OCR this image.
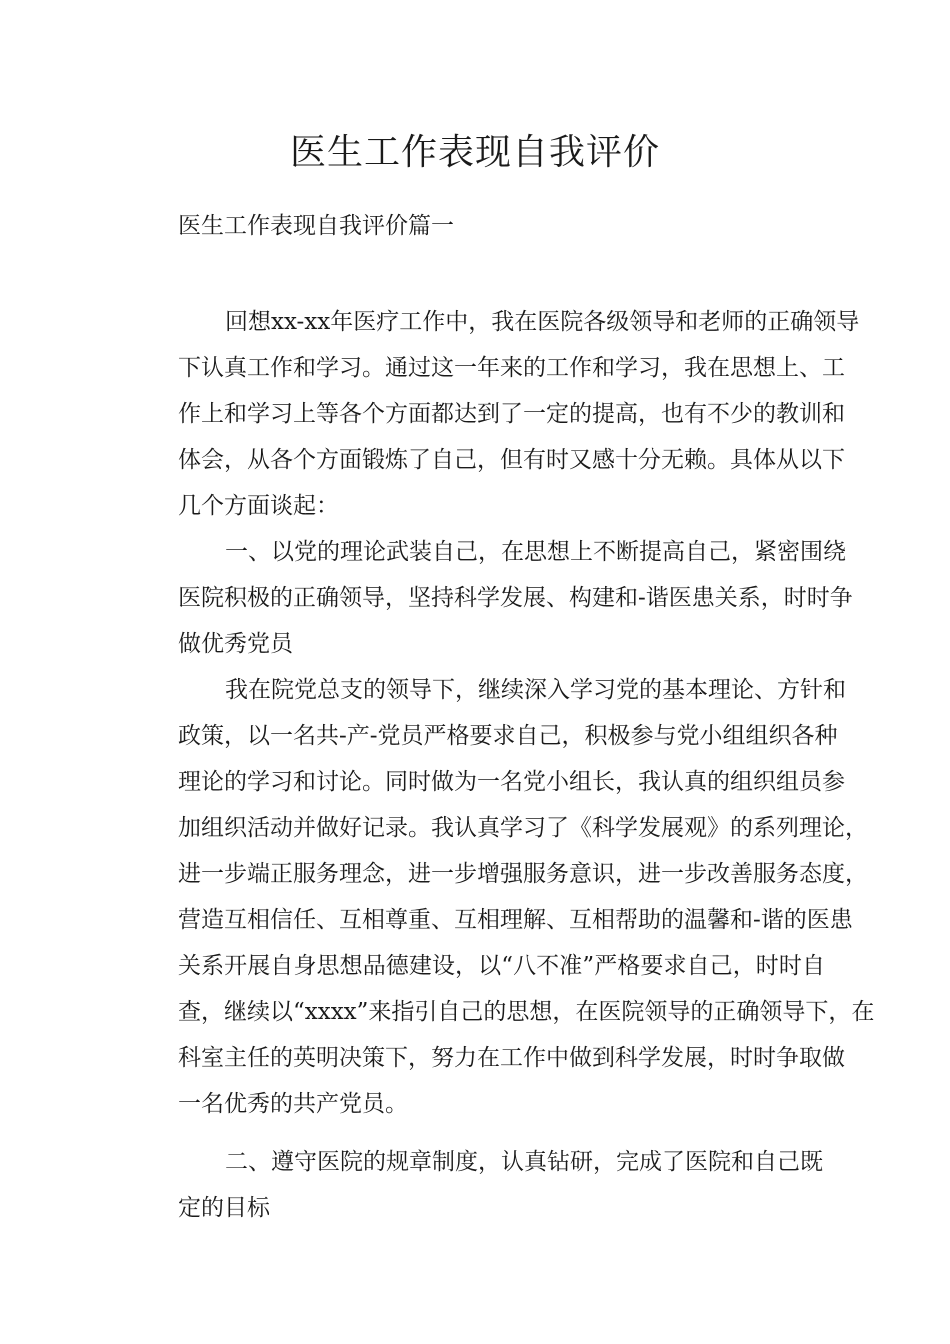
医生工作表现自我评价

医生工作表现自我评价篇一

回想xx-xx年医疗工作中，我在医院各级领导和老师的正确领导
下认真工作和学习。通过这一年来的工作和学习，我在思想上、工
作上和学习上等各个方面都达到了一定的提高，也有不少的教训和
体会，从各个方面锻炼了自己，但有时又感十分无赖。具体从以下
几个方面谈起：
一、以党的理论武装自己，在思想上不断提高自己，紧密围绕
医院积极的正确领导，坚持科学发展、构建和-谐医患关系，时时争
做优秀党员
我在院党总支的领导下，继续深入学习党的基本理论、方针和
政策，以一名共-产-党员严格要求自己，积极参与党小组组织各种
理论的学习和讨论。同时做为一名党小组长，我认真的组织组员参
加组织活动并做好记录。我认真学习了《科学发展观》的系列理论，
进一步端正服务理念，进一步增强服务意识，进一步改善服务态度，
营造互相信任、互相尊重、互相理解、互相帮助的温馨和-谐的医患
关系开展自身思想品德建设，以“八不准”严格要求自己，时时自
查，继续以“xxxx”来指引自己的思想，在医院领导的正确领导下，在
科室主任的英明决策下，努力在工作中做到科学发展，时时争取做
一名优秀的共产党员。
二、遵守医院的规章制度，认真钻研，完成了医院和自己既
定的目标
